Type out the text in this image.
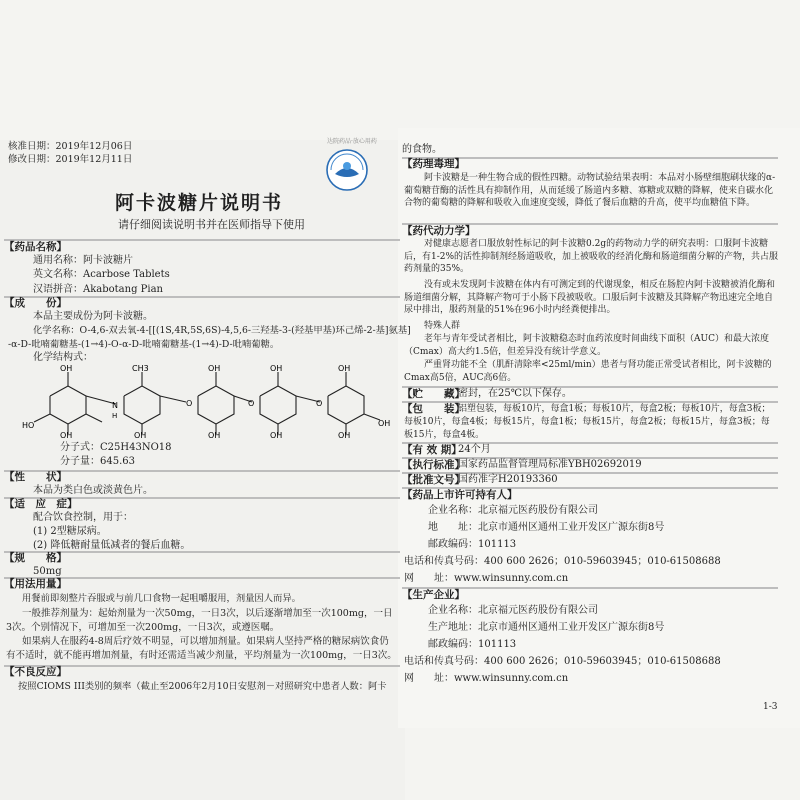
核准日期：2019年12月06日
修改日期：2019年12月11日
达院药品·放心用药
阿卡波糖片说明书
请仔细阅读说明书并在医师指导下使用
【药品名称】
通用名称：阿卡波糖片
英文名称：Acarbose Tablets
汉语拼音：Akabotang Pian
【成　　份】
本品主要成份为阿卡波糖。
化学名称：O-4,6-双去氧-4-[[(1S,4R,5S,6S)-4,5,6-三羟基-3-(羟基甲基)环己烯-2-基]氨基]
-α-D-吡喃葡糖基-(1→4)-O-α-D-吡喃葡糖基-(1→4)-D-吡喃葡糖。
化学结构式：
OH
HO
OH
N
H
CH3
OH
O
OH
OH
O
OH
OH
O
OH
OH
OH
分子式：C25H43NO18
分子量：645.63
【性　　状】
本品为类白色或淡黄色片。
【适　应　症】
配合饮食控制，用于：
(1) 2型糖尿病。
(2) 降低糖耐量低减者的餐后血糖。
【规　　格】
50mg
【用法用量】
用餐前即刻整片吞服或与前几口食物一起咀嚼服用，剂量因人而异。
一般推荐剂量为：起始剂量为一次50mg，一日3次，以后逐渐增加至一次100mg，一日3次。个别情况下，可增加至一次200mg，一日3次，或遵医嘱。
如果病人在服药4-8周后疗效不明显，可以增加剂量。如果病人坚持严格的糖尿病饮食仍有不适时，就不能再增加剂量，有时还需适当减少剂量，平均剂量为一次100mg，一日3次。
【不良反应】
按照CIOMS III类别的频率（截止至2006年2月10日安慰剂－对照研究中患者人数：阿卡
的食物。
【药理毒理】
阿卡波糖是一种生物合成的假性四糖。动物试验结果表明：本品对小肠壁细胞刷状缘的α-葡萄糖苷酶的活性具有抑制作用，从而延缓了肠道内多糖、寡糖或双糖的降解，使来自碳水化合物的葡萄糖的降解和吸收入血速度变缓，降低了餐后血糖的升高，使平均血糖值下降。
【药代动力学】
对健康志愿者口服放射性标记的阿卡波糖0.2g的药物动力学的研究表明：口服阿卡波糖后，有1-2%的活性抑制剂经肠道吸收，加上被吸收的经消化酶和肠道细菌分解的产物，共占服药剂量的35%。
没有或未发现阿卡波糖在体内有可测定到的代谢现象，相反在肠腔内阿卡波糖被消化酶和肠道细菌分解，其降解产物可于小肠下段被吸收。口服后阿卡波糖及其降解产物迅速完全地自尿中排出，服药剂量的51%在96小时内经粪便排出。
特殊人群
老年与青年受试者相比，阿卡波糖稳态时血药浓度时间曲线下面积（AUC）和最大浓度（Cmax）高大约1.5倍，但差异没有统计学意义。
严重肾功能不全（肌酐清除率<25ml/min）患者与肾功能正常受试者相比，阿卡波糖的Cmax高5倍，AUC高6倍。
【贮　　藏】
密封，在25℃以下保存。
【包　　装】
铝塑包装，每板10片，每盒1板；每板10片，每盒2板；每板10片，每盒3板；每板10片，每盒4板；每板15片，每盒1板；每板15片，每盒2板；每板15片，每盒3板；每板15片，每盒4板。
【有 效 期】
24个月
【执行标准】
国家药品监督管理局标准YBH02692019
【批准文号】
国药准字H20193360
【药品上市许可持有人】
企业名称：北京福元医药股份有限公司
地　　址：北京市通州区通州工业开发区广源东街8号
邮政编码：101113
电话和传真号码：400 600 2626；010-59603945；010-61508688
网　　址：www.winsunny.com.cn
【生产企业】
企业名称：北京福元医药股份有限公司
生产地址：北京市通州区通州工业开发区广源东街8号
邮政编码：101113
电话和传真号码：400 600 2626；010-59603945；010-61508688
网　　址：www.winsunny.com.cn
1-3
